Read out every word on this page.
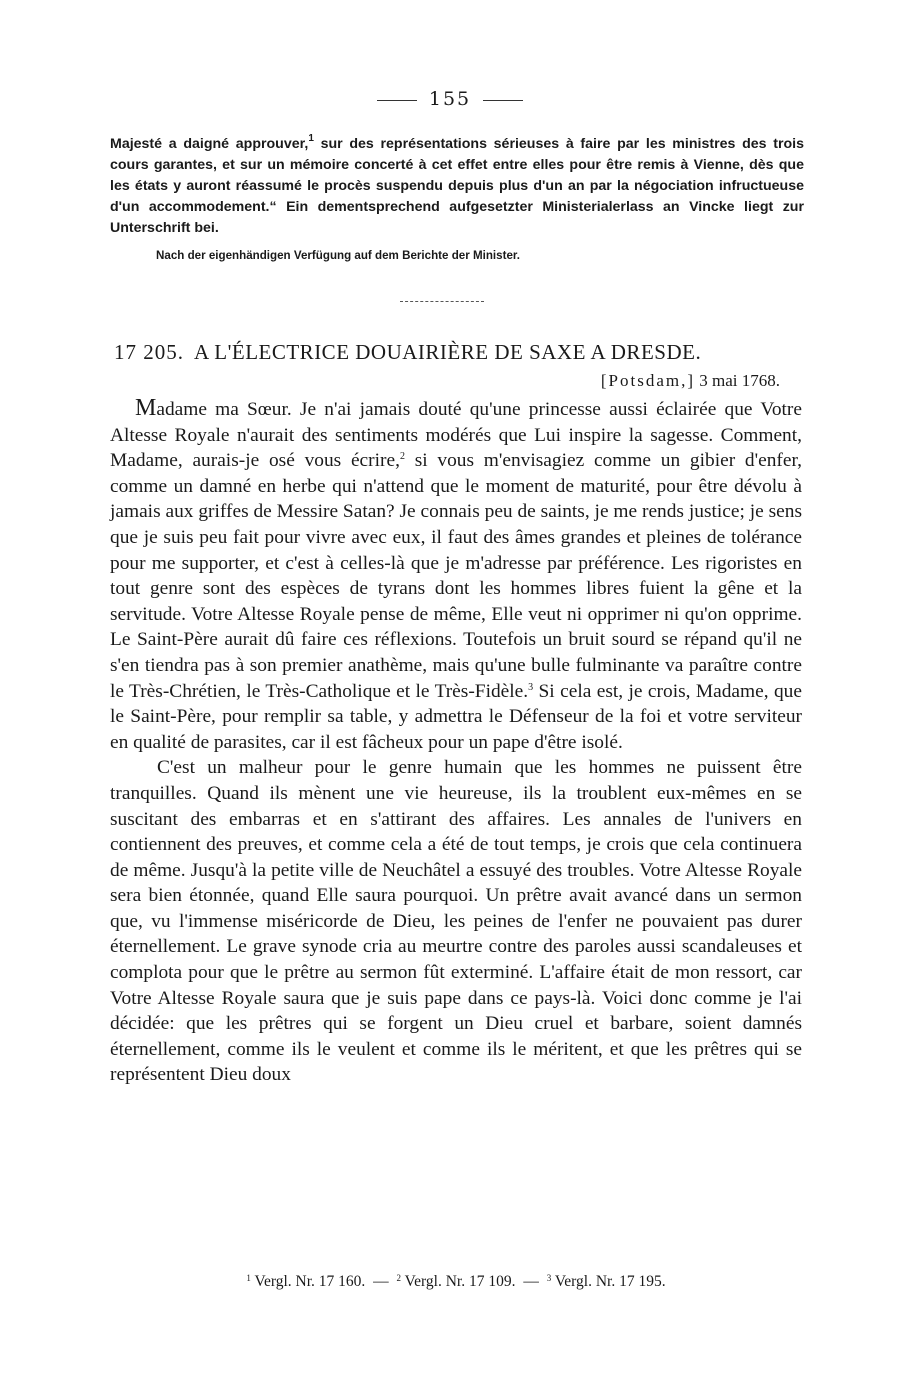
155
Majesté a daigné approuver,$^1$ sur des représentations sérieuses à faire par les ministres des trois cours garantes, et sur un mémoire concerté à cet effet entre elles pour être remis à Vienne, dès que les états y auront réassumé le procès suspendu depuis plus d'un an par la négociation infructueuse d'un accommodement.“ Ein dementsprechend aufgesetzter Ministerialerlass an Vincke liegt zur Unterschrift bei.
Nach der eigenhändigen Verfügung auf dem Berichte der Minister.
17 205. A L'ÉLECTRICE DOUAIRIÈRE DE SAXE A DRESDE.
[Potsdam,] 3 mai 1768.

Madame ma Sœur. Je n'ai jamais douté qu'une princesse aussi éclairée que Votre Altesse Royale n'aurait des sentiments modérés que Lui inspire la sagesse. Comment, Madame, aurais-je osé vous écrire,$^2$ si vous m'envisagiez comme un gibier d'enfer, comme un damné en herbe qui n'attend que le moment de maturité, pour être dévolu à jamais aux griffes de Messire Satan? Je connais peu de saints, je me rends justice; je sens que je suis peu fait pour vivre avec eux, il faut des âmes grandes et pleines de tolérance pour me supporter, et c'est à celles-là que je m'adresse par préférence. Les rigoristes en tout genre sont des espèces de tyrans dont les hommes libres fuient la gêne et la servitude. Votre Altesse Royale pense de même, Elle veut ni opprimer ni qu'on opprime. Le Saint-Père aurait dû faire ces réflexions. Toutefois un bruit sourd se répand qu'il ne s'en tiendra pas à son premier anathème, mais qu'une bulle fulminante va paraître contre le Très-Chrétien, le Très-Catholique et le Très-Fidèle.$^3$ Si cela est, je crois, Madame, que le Saint-Père, pour remplir sa table, y admettra le Défenseur de la foi et votre serviteur en qualité de parasites, car il est fâcheux pour un pape d'être isolé.

C'est un malheur pour le genre humain que les hommes ne puissent être tranquilles. Quand ils mènent une vie heureuse, ils la troublent eux-mêmes en se suscitant des embarras et en s'attirant des affaires. Les annales de l'univers en contiennent des preuves, et comme cela a été de tout temps, je crois que cela continuera de même. Jusqu'à la petite ville de Neuchâtel a essuyé des troubles. Votre Altesse Royale sera bien étonnée, quand Elle saura pourquoi. Un prêtre avait avancé dans un sermon que, vu l'immense miséricorde de Dieu, les peines de l'enfer ne pouvaient pas durer éternellement. Le grave synode cria au meurtre contre des paroles aussi scandaleuses et complota pour que le prêtre au sermon fût exterminé. L'affaire était de mon ressort, car Votre Altesse Royale saura que je suis pape dans ce pays-là. Voici donc comme je l'ai décidée: que les prêtres qui se forgent un Dieu cruel et barbare, soient damnés éternellement, comme ils le veulent et comme ils le méritent, et que les prêtres qui se représentent Dieu doux

$^1$ Vergl. Nr. 17 160. — $^2$ Vergl. Nr. 17 109. — $^3$ Vergl. Nr. 17 195.
